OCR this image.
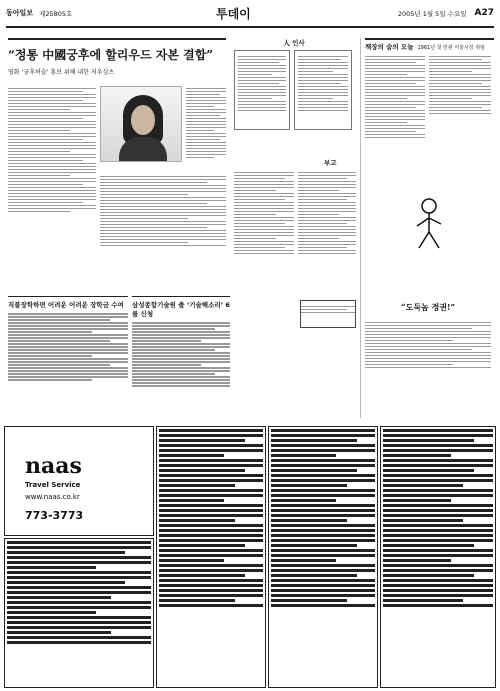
동아일보 제25805호	투데이	2005년 1월 5일 수요일 A27
“정통 中國궁후에 할리우드 자본 결합”
영화 ‘궁후허슬’ 홍보 위해 내한 저우싱츠
직불장학하면 어려운 어려운 장학금 수여	삼성종합기술원 줄 ‘기술해소리’ 6를 신청
人 인사
부고
책장의 숨의 오늘 1961년 첫 민관 서울시장 취임
“도둑놈 정권!”
naas
Travel Service
www.naas.co.kr
773-3773
